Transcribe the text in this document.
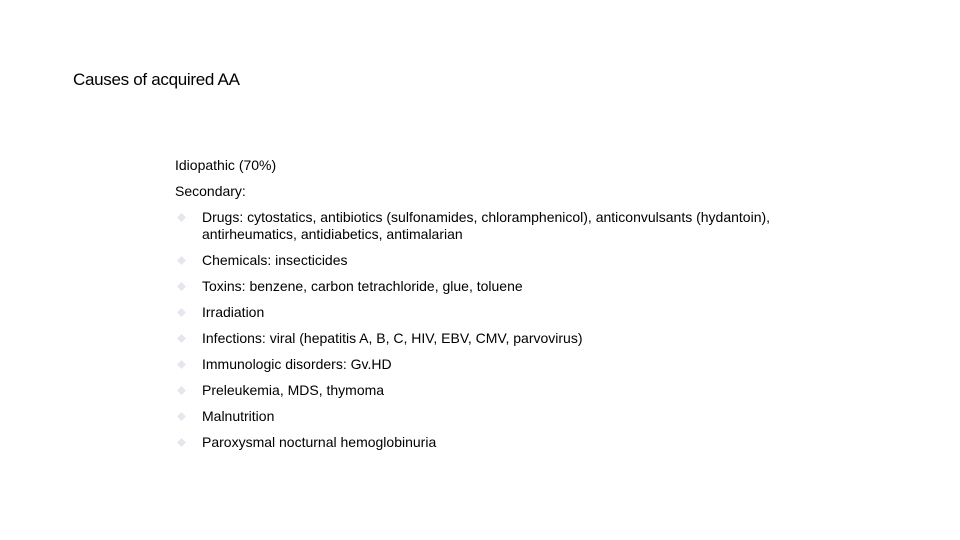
Causes of acquired AA
Idiopathic (70%)
Secondary:
Drugs: cytostatics, antibiotics (sulfonamides, chloramphenicol), anticonvulsants (hydantoin), antirheumatics, antidiabetics, antimalarian
Chemicals: insecticides
Toxins: benzene, carbon tetrachloride, glue, toluene
Irradiation
Infections: viral (hepatitis A, B, C, HIV, EBV, CMV, parvovirus)
Immunologic disorders: Gv.HD
Preleukemia, MDS, thymoma
Malnutrition
Paroxysmal nocturnal hemoglobinuria
